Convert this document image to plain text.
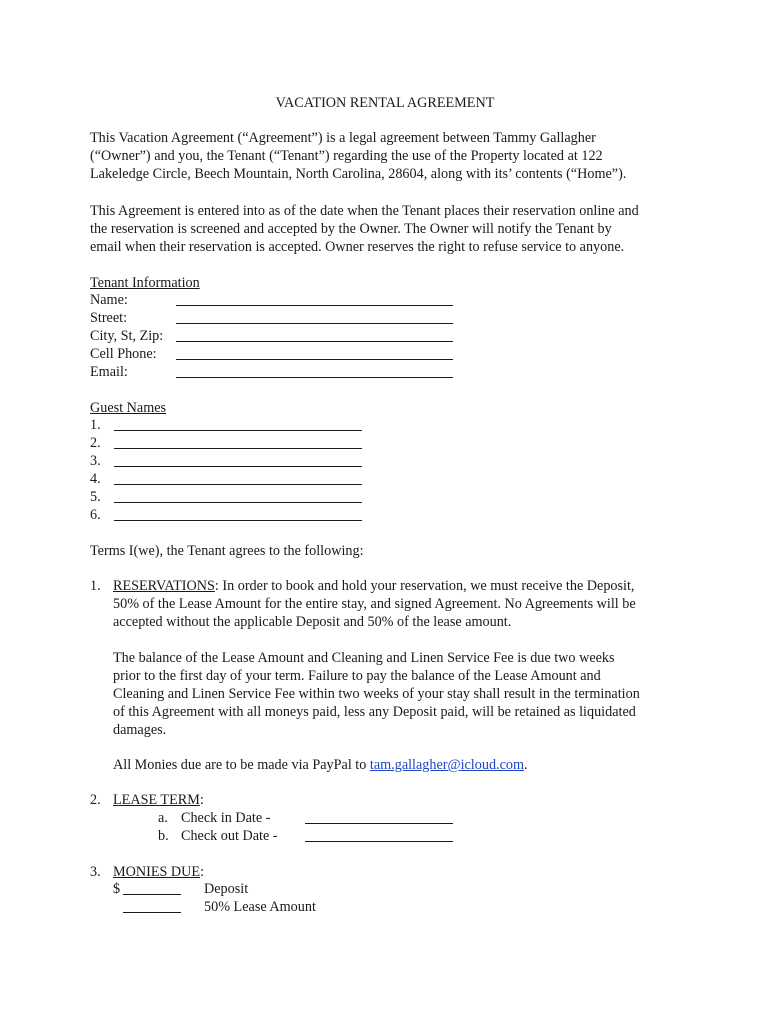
VACATION RENTAL AGREEMENT
This Vacation Agreement (“Agreement”) is a legal agreement between Tammy Gallagher
(“Owner”) and you, the Tenant (“Tenant”) regarding the use of the Property located at 122
Lakeledge Circle, Beech Mountain, North Carolina, 28604, along with its’ contents (“Home”).
This Agreement is entered into as of the date when the Tenant places their reservation online and
the reservation is screened and accepted by the Owner. The Owner will notify the Tenant by
email when their reservation is accepted. Owner reserves the right to refuse service to anyone.
Tenant Information
Name:
Street:
City, St, Zip:
Cell Phone:
Email:
Guest Names
1.
2.
3.
4.
5.
6.
Terms I(we), the Tenant agrees to the following:
1. RESERVATIONS: In order to book and hold your reservation, we must receive the Deposit,
50% of the Lease Amount for the entire stay, and signed Agreement. No Agreements will be
accepted without the applicable Deposit and 50% of the lease amount.
The balance of the Lease Amount and Cleaning and Linen Service Fee is due two weeks
prior to the first day of your term. Failure to pay the balance of the Lease Amount and
Cleaning and Linen Service Fee within two weeks of your stay shall result in the termination
of this Agreement with all moneys paid, less any Deposit paid, will be retained as liquidated
damages.
All Monies due are to be made via PayPal to tam.gallagher@icloud.com.
2. LEASE TERM:
a. Check in Date -
b. Check out Date -
3. MONIES DUE:
$	Deposit
50% Lease Amount
